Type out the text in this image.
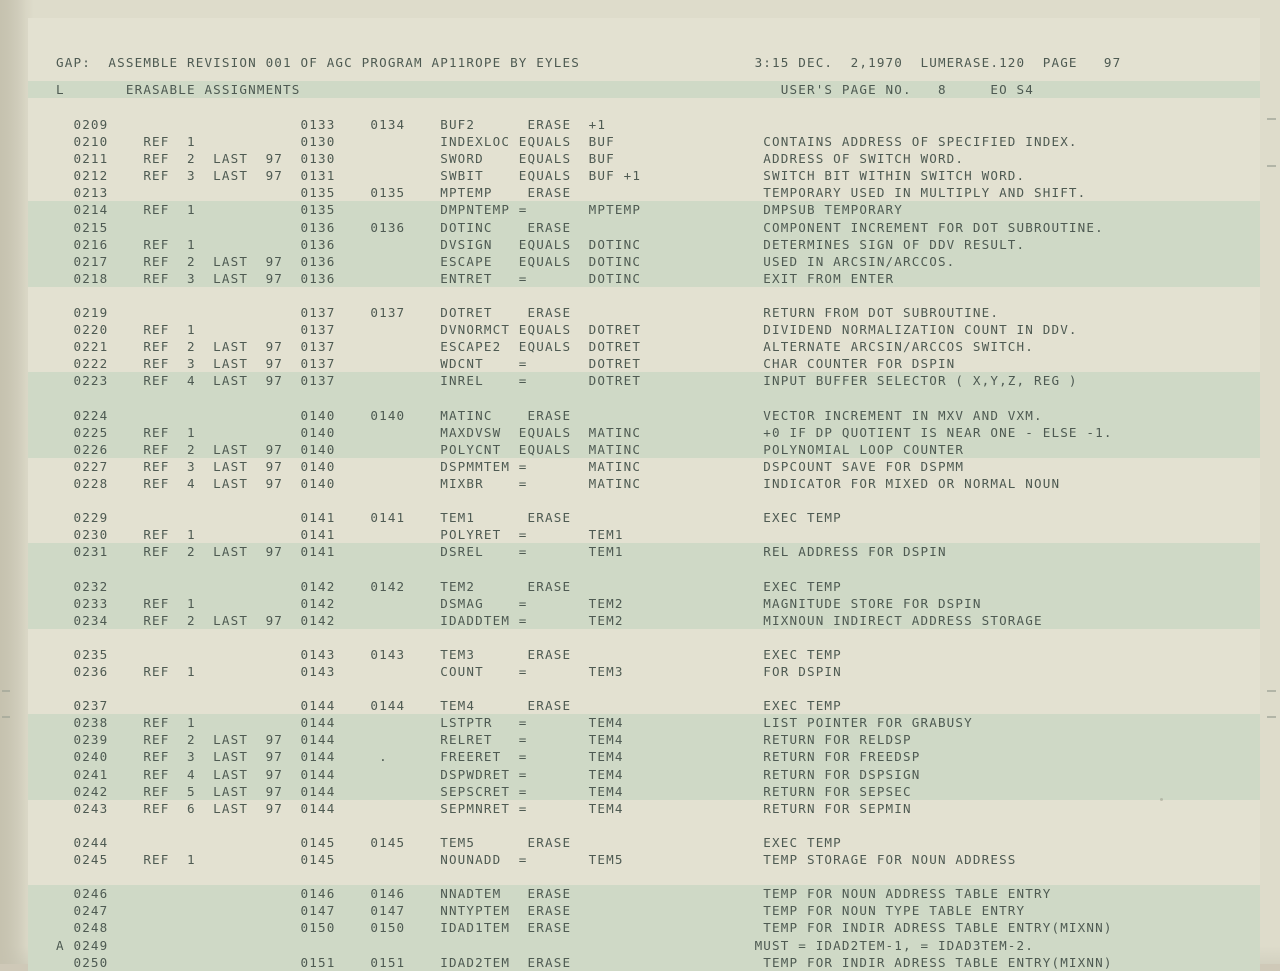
GAP:  ASSEMBLE REVISION 001 OF AGC PROGRAM AP11ROPE BY EYLES                    3:15 DEC.  2,1970  LUMERASE.120  PAGE   97

L       ERASABLE ASSIGNMENTS                                                       USER'S PAGE NO.   8     EO S4

0209                      0133    0134    BUF2      ERASE  +1
0210    REF  1            0130            INDEXLOC EQUALS  BUF                 CONTAINS ADDRESS OF SPECIFIED INDEX.
0211    REF  2  LAST  97  0130            SWORD    EQUALS  BUF                 ADDRESS OF SWITCH WORD.
0212    REF  3  LAST  97  0131            SWBIT    EQUALS  BUF +1              SWITCH BIT WITHIN SWITCH WORD.
0213                      0135    0135    MPTEMP    ERASE                      TEMPORARY USED IN MULTIPLY AND SHIFT.
0214    REF  1            0135            DMPNTEMP =       MPTEMP              DMPSUB TEMPORARY
0215                      0136    0136    DOTINC    ERASE                      COMPONENT INCREMENT FOR DOT SUBROUTINE.
0216    REF  1            0136            DVSIGN   EQUALS  DOTINC              DETERMINES SIGN OF DDV RESULT.
0217    REF  2  LAST  97  0136            ESCAPE   EQUALS  DOTINC              USED IN ARCSIN/ARCCOS.
0218    REF  3  LAST  97  0136            ENTRET   =       DOTINC              EXIT FROM ENTER
0219                      0137    0137    DOTRET    ERASE                      RETURN FROM DOT SUBROUTINE.
0220    REF  1            0137            DVNORMCT EQUALS  DOTRET              DIVIDEND NORMALIZATION COUNT IN DDV.
0221    REF  2  LAST  97  0137            ESCAPE2  EQUALS  DOTRET              ALTERNATE ARCSIN/ARCCOS SWITCH.
0222    REF  3  LAST  97  0137            WDCNT    =       DOTRET              CHAR COUNTER FOR DSPIN
0223    REF  4  LAST  97  0137            INREL    =       DOTRET              INPUT BUFFER SELECTOR ( X,Y,Z, REG )
0224                      0140    0140    MATINC    ERASE                      VECTOR INCREMENT IN MXV AND VXM.
0225    REF  1            0140            MAXDVSW  EQUALS  MATINC              +0 IF DP QUOTIENT IS NEAR ONE - ELSE -1.
0226    REF  2  LAST  97  0140            POLYCNT  EQUALS  MATINC              POLYNOMIAL LOOP COUNTER
0227    REF  3  LAST  97  0140            DSPMMTEM =       MATINC              DSPCOUNT SAVE FOR DSPMM
0228    REF  4  LAST  97  0140            MIXBR    =       MATINC              INDICATOR FOR MIXED OR NORMAL NOUN
0229                      0141    0141    TEM1      ERASE                      EXEC TEMP
0230    REF  1            0141            POLYRET  =       TEM1
0231    REF  2  LAST  97  0141            DSREL    =       TEM1                REL ADDRESS FOR DSPIN
0232                      0142    0142    TEM2      ERASE                      EXEC TEMP
0233    REF  1            0142            DSMAG    =       TEM2                MAGNITUDE STORE FOR DSPIN
0234    REF  2  LAST  97  0142            IDADDTEM =       TEM2                MIXNOUN INDIRECT ADDRESS STORAGE
0235                      0143    0143    TEM3      ERASE                      EXEC TEMP
0236    REF  1            0143            COUNT    =       TEM3                FOR DSPIN
0237                      0144    0144    TEM4      ERASE                      EXEC TEMP
0238    REF  1            0144            LSTPTR   =       TEM4                LIST POINTER FOR GRABUSY
0239    REF  2  LAST  97  0144            RELRET   =       TEM4                RETURN FOR RELDSP
0240    REF  3  LAST  97  0144     .      FREERET  =       TEM4                RETURN FOR FREEDSP
0241    REF  4  LAST  97  0144            DSPWDRET =       TEM4                RETURN FOR DSPSIGN
0242    REF  5  LAST  97  0144            SEPSCRET =       TEM4                RETURN FOR SEPSEC
0243    REF  6  LAST  97  0144            SEPMNRET =       TEM4                RETURN FOR SEPMIN
0244                      0145    0145    TEM5      ERASE                      EXEC TEMP
0245    REF  1            0145            NOUNADD  =       TEM5                TEMP STORAGE FOR NOUN ADDRESS
0246                      0146    0146    NNADTEM   ERASE                      TEMP FOR NOUN ADDRESS TABLE ENTRY
0247                      0147    0147    NNTYPTEM  ERASE                      TEMP FOR NOUN TYPE TABLE ENTRY
0248                      0150    0150    IDAD1TEM  ERASE                      TEMP FOR INDIR ADRESS TABLE ENTRY(MIXNN)
A 0249                                                                          MUST = IDAD2TEM-1, = IDAD3TEM-2.
0250                      0151    0151    IDAD2TEM  ERASE                      TEMP FOR INDIR ADRESS TABLE ENTRY(MIXNN)
